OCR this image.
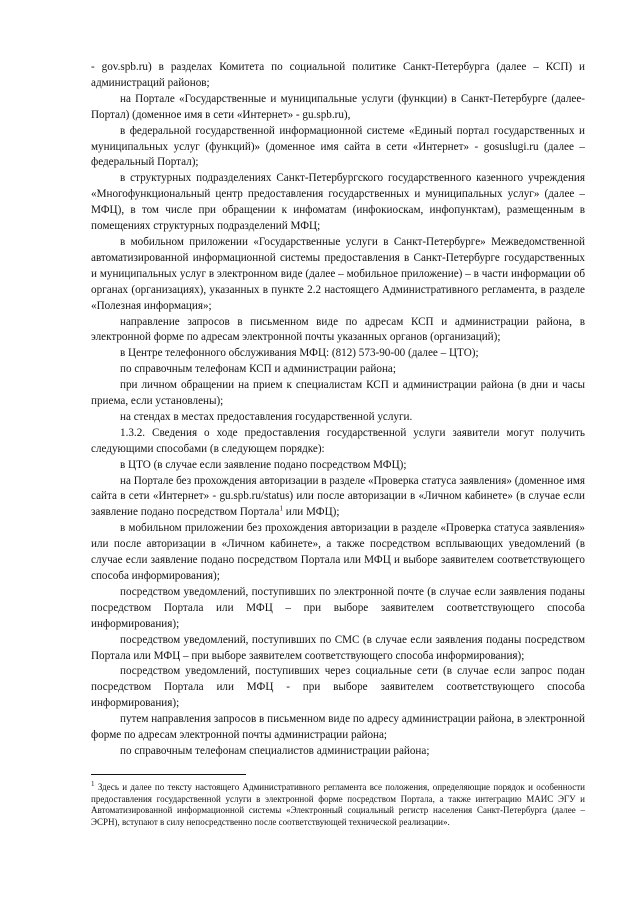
- gov.spb.ru) в разделах Комитета по социальной политике Санкт-Петербурга (далее – КСП) и администраций районов;

на Портале «Государственные и муниципальные услуги (функции) в Санкт-Петербурге (далее- Портал) (доменное имя в сети «Интернет» - gu.spb.ru),

в федеральной государственной информационной системе «Единый портал государственных и муниципальных услуг (функций)» (доменное имя сайта в сети «Интернет» - gosuslugi.ru (далее – федеральный Портал);

в структурных подразделениях Санкт-Петербургского государственного казенного учреждения «Многофункциональный центр предоставления государственных и муниципальных услуг» (далее – МФЦ), в том числе при обращении к инфоматам (инфокиоскам, инфопунктам), размещенным в помещениях структурных подразделений МФЦ;

в мобильном приложении «Государственные услуги в Санкт-Петербурге» Межведомственной автоматизированной информационной системы предоставления в Санкт-Петербурге государственных и муниципальных услуг в электронном виде (далее – мобильное приложение) – в части информации об органах (организациях), указанных в пункте 2.2 настоящего Административного регламента, в разделе «Полезная информация»;

направление запросов в письменном виде по адресам КСП и администрации района, в электронной форме по адресам электронной почты указанных органов (организаций);

в Центре телефонного обслуживания МФЦ: (812) 573-90-00 (далее – ЦТО);

по справочным телефонам КСП и администрации района;

при личном обращении на прием к специалистам КСП и администрации района (в дни и часы приема, если установлены);

на стендах в местах предоставления государственной услуги.

1.3.2. Сведения о ходе предоставления государственной услуги заявители могут получить следующими способами (в следующем порядке):

в ЦТО (в случае если заявление подано посредством МФЦ);

на Портале без прохождения авторизации в разделе «Проверка статуса заявления» (доменное имя сайта в сети «Интернет» - gu.spb.ru/status) или после авторизации в «Личном кабинете» (в случае если заявление подано посредством Портала$^1$ или МФЦ);

в мобильном приложении без прохождения авторизации в разделе «Проверка статуса заявления» или после авторизации в «Личном кабинете», а также посредством всплывающих уведомлений (в случае если заявление подано посредством Портала или МФЦ и выборе заявителем соответствующего способа информирования);

посредством уведомлений, поступивших по электронной почте (в случае если заявления поданы посредством Портала или МФЦ – при выборе заявителем соответствующего способа информирования);

посредством уведомлений, поступивших по СМС (в случае если заявления поданы посредством Портала или МФЦ – при выборе заявителем соответствующего способа информирования);

посредством уведомлений, поступивших через социальные сети (в случае если запрос подан посредством Портала или МФЦ - при выборе заявителем соответствующего способа информирования);

путем направления запросов в письменном виде по адресу администрации района, в электронной форме по адресам электронной почты администрации района;

по справочным телефонам специалистов администрации района;

$^1$ Здесь и далее по тексту настоящего Административного регламента все положения, определяющие порядок и особенности предоставления государственной услуги в электронной форме посредством Портала, а также интеграцию МАИС ЭГУ и Автоматизированной информационной системы «Электронный социальный регистр населения Санкт-Петербурга (далее – ЭСРН), вступают в силу непосредственно после соответствующей технической реализации».
